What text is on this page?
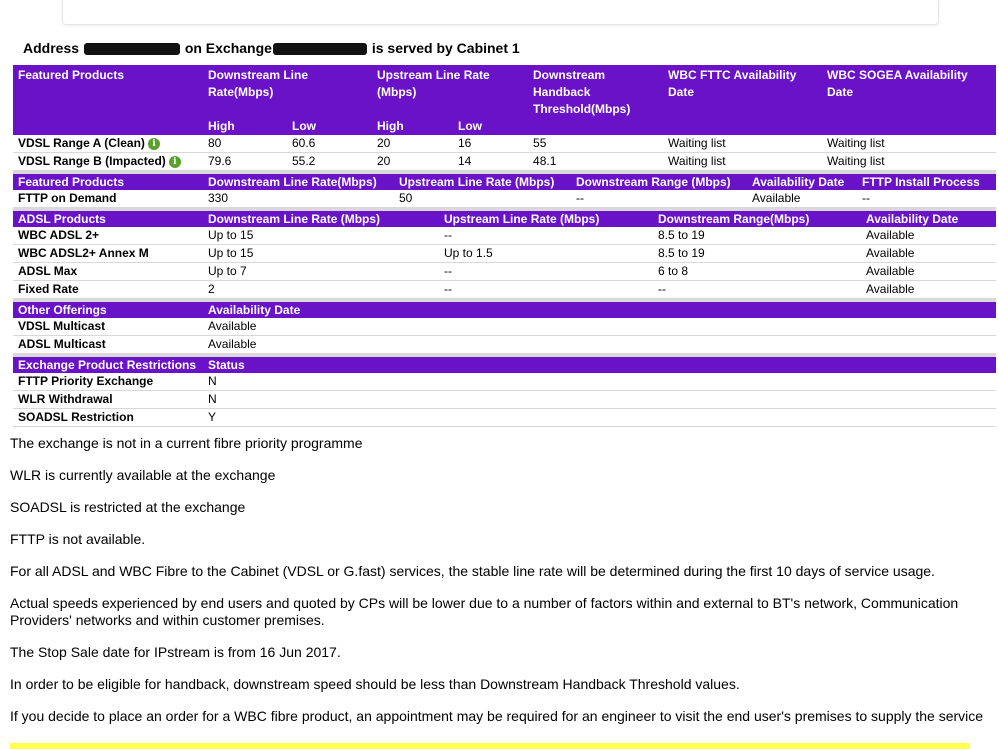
Address	on Exchange	is served by Cabinet 1
Featured Products	Downstream Line Rate(Mbps)		Upstream Line Rate (Mbps)		Downstream Handback Threshold(Mbps)	WBC FTTC Availability Date	WBC SOGEA Availability Date
	High	Low	High	Low			
VDSL Range A (Clean) i	80	60.6	20	16	55	Waiting list	Waiting list
VDSL Range B (Impacted) i	79.6	55.2	20	14	48.1	Waiting list	Waiting list
Featured Products	Downstream Line Rate(Mbps)	Upstream Line Rate (Mbps)	Downstream Range (Mbps)	Availability Date	FTTP Install Process
FTTP on Demand	330	50	--	Available	--
ADSL Products	Downstream Line Rate (Mbps)	Upstream Line Rate (Mbps)	Downstream Range(Mbps)	Availability Date
WBC ADSL 2+	Up to 15	--	8.5 to 19	Available
WBC ADSL2+ Annex M	Up to 15	Up to 1.5	8.5 to 19	Available
ADSL Max	Up to 7	--	6 to 8	Available
Fixed Rate	2	--	--	Available
Other Offerings	Availability Date
VDSL Multicast	Available
ADSL Multicast	Available
Exchange Product Restrictions	Status
FTTP Priority Exchange	N
WLR Withdrawal	N
SOADSL Restriction	Y

The exchange is not in a current fibre priority programme

WLR is currently available at the exchange

SOADSL is restricted at the exchange

FTTP is not available.

For all ADSL and WBC Fibre to the Cabinet (VDSL or G.fast) services, the stable line rate will be determined during the first 10 days of service usage.

Actual speeds experienced by end users and quoted by CPs will be lower due to a number of factors within and external to BT's network, Communication Providers' networks and within customer premises.

The Stop Sale date for IPstream is from 16 Jun 2017.

In order to be eligible for handback, downstream speed should be less than Downstream Handback Threshold values.

If you decide to place an order for a WBC fibre product, an appointment may be required for an engineer to visit the end user's premises to supply the service
